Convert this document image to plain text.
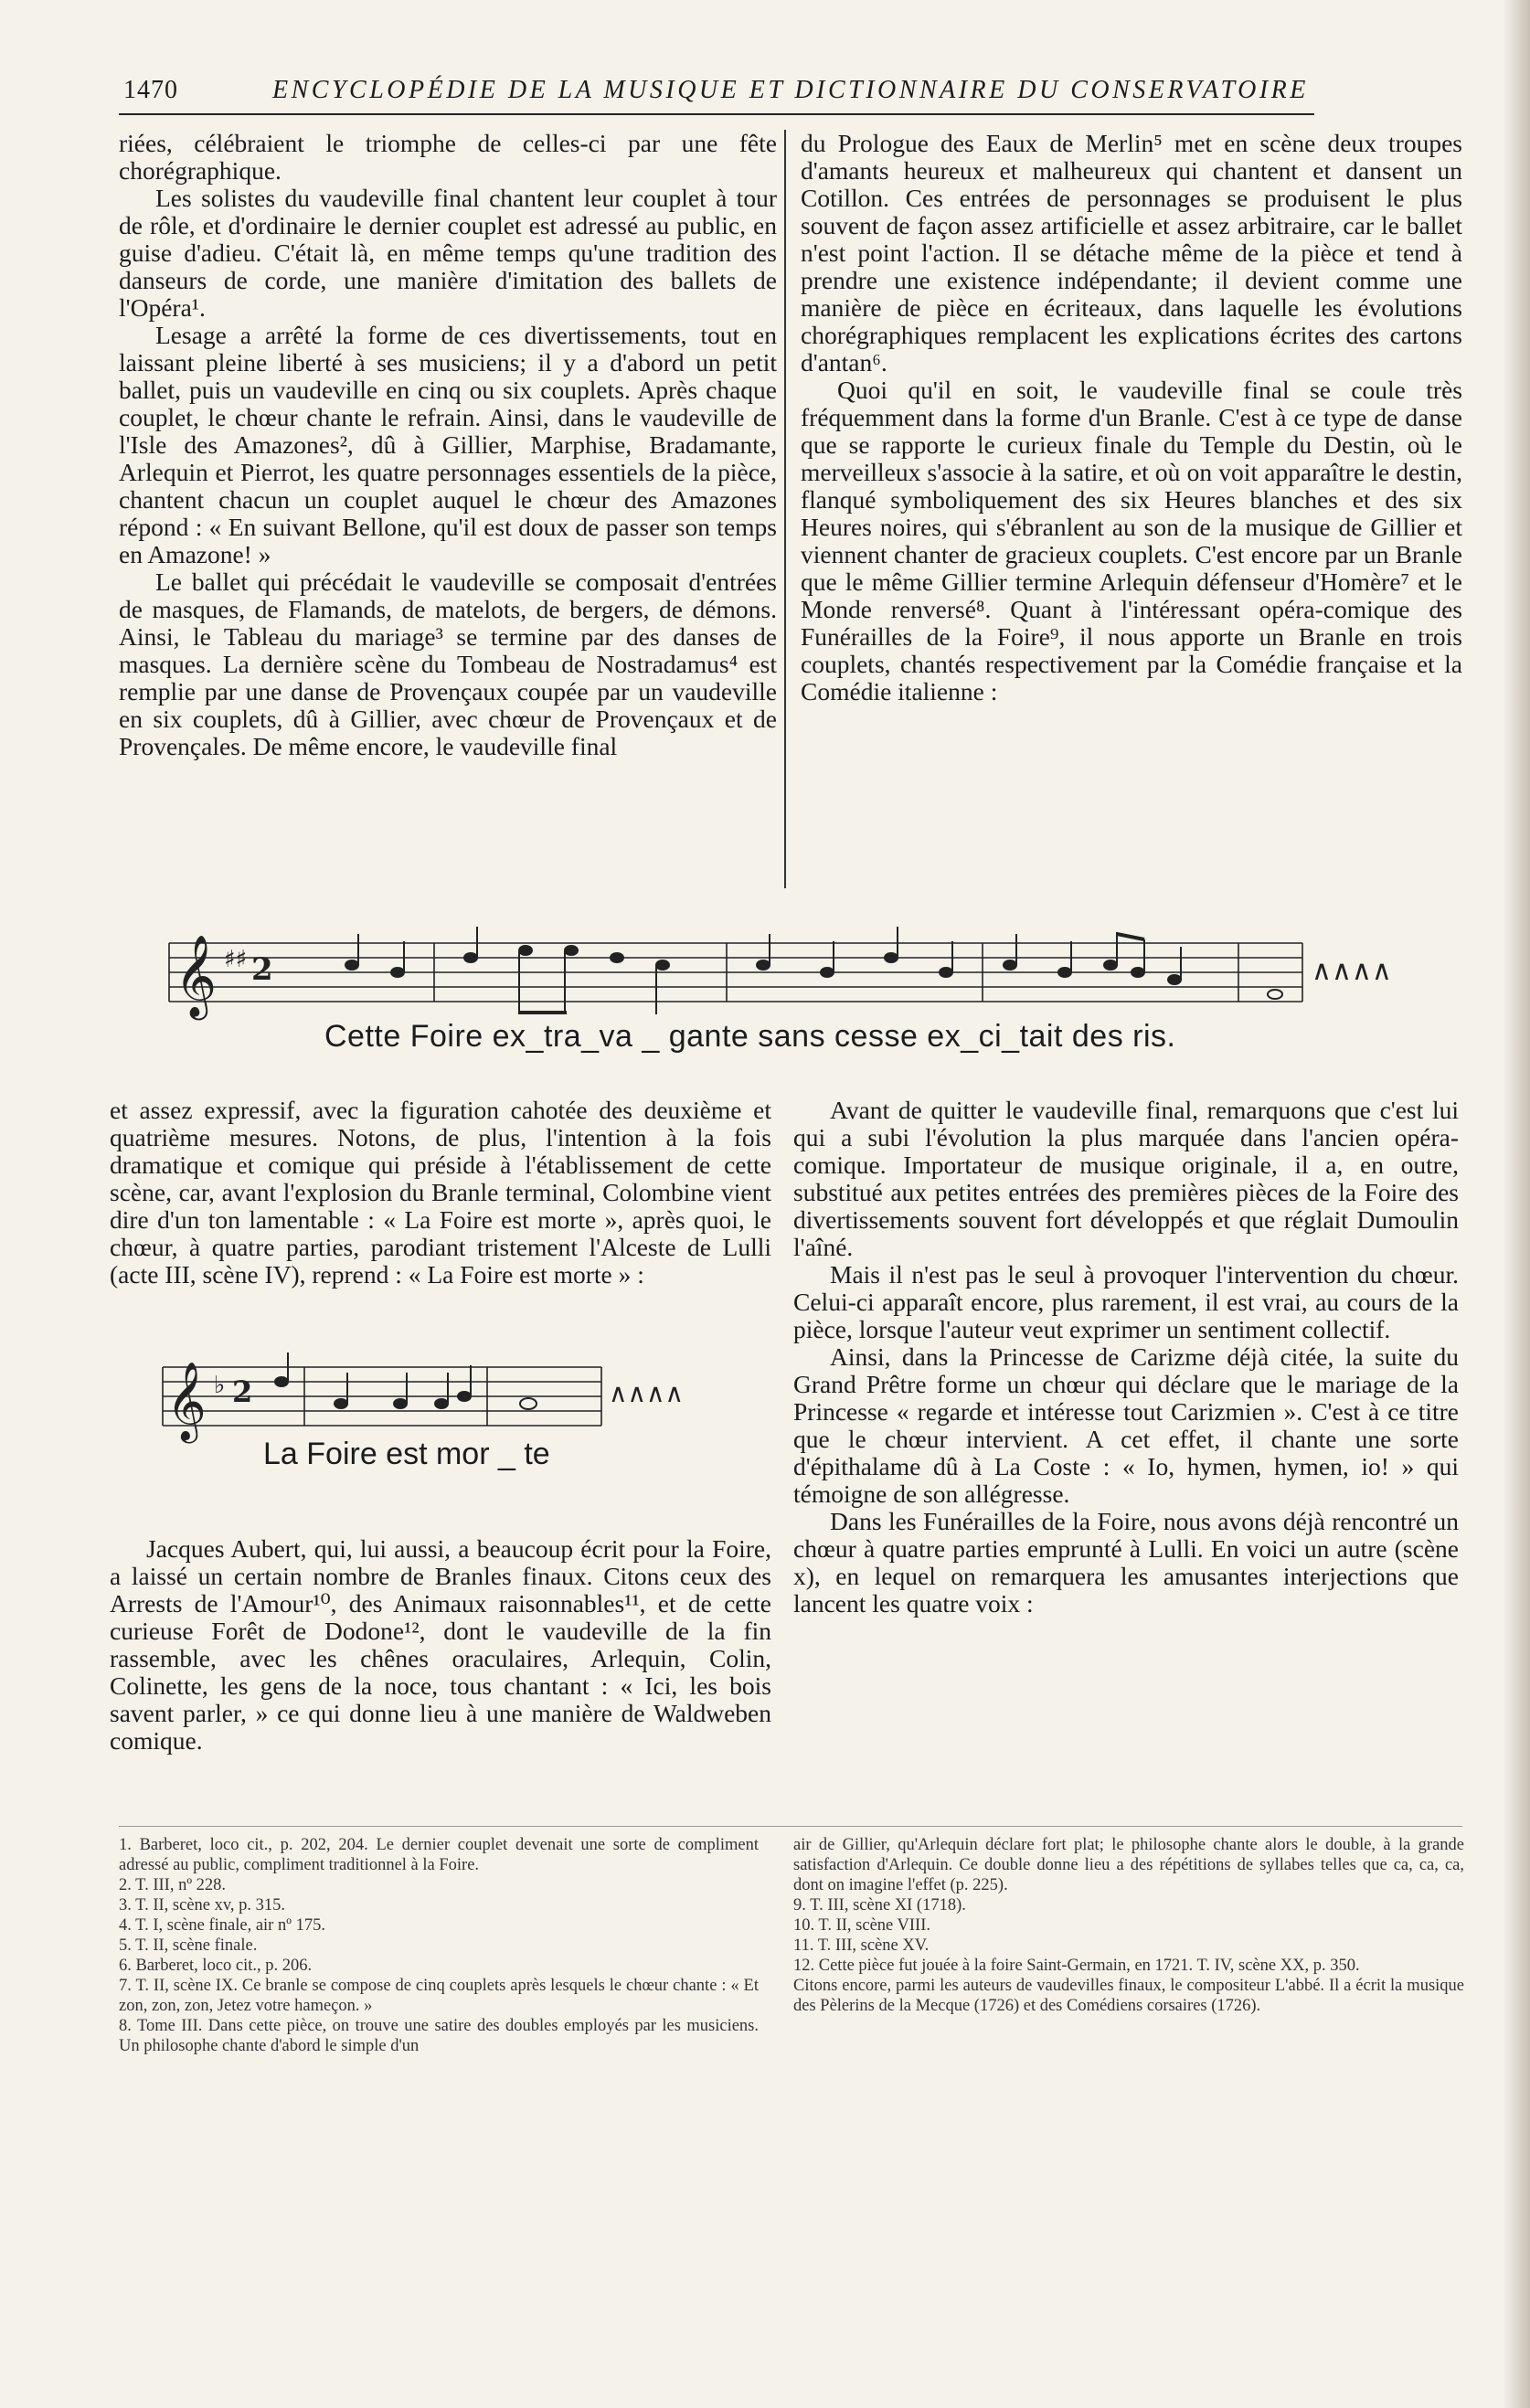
1470	ENCYCLOPÉDIE DE LA MUSIQUE ET DICTIONNAIRE DU CONSERVATOIRE

riées, célébraient le triomphe de celles-ci par une fête chorégraphique.

Les solistes du vaudeville final chantent leur couplet à tour de rôle, et d'ordinaire le dernier couplet est adressé au public, en guise d'adieu. C'était là, en même temps qu'une tradition des danseurs de corde, une manière d'imitation des ballets de l'Opéra¹.

Lesage a arrêté la forme de ces divertissements, tout en laissant pleine liberté à ses musiciens; il y a d'abord un petit ballet, puis un vaudeville en cinq ou six couplets. Après chaque couplet, le chœur chante le refrain. Ainsi, dans le vaudeville de l'Isle des Amazones², dû à Gillier, Marphise, Bradamante, Arlequin et Pierrot, les quatre personnages essentiels de la pièce, chantent chacun un couplet auquel le chœur des Amazones répond : « En suivant Bellone, qu'il est doux de passer son temps en Amazone! »

Le ballet qui précédait le vaudeville se composait d'entrées de masques, de Flamands, de matelots, de bergers, de démons. Ainsi, le Tableau du mariage³ se termine par des danses de masques. La dernière scène du Tombeau de Nostradamus⁴ est remplie par une danse de Provençaux coupée par un vaudeville en six couplets, dû à Gillier, avec chœur de Provençaux et de Provençales. De même encore, le vaudeville final

du Prologue des Eaux de Merlin⁵ met en scène deux troupes d'amants heureux et malheureux qui chantent et dansent un Cotillon. Ces entrées de personnages se produisent le plus souvent de façon assez artificielle et assez arbitraire, car le ballet n'est point l'action. Il se détache même de la pièce et tend à prendre une existence indépendante; il devient comme une manière de pièce en écriteaux, dans laquelle les évolutions chorégraphiques remplacent les explications écrites des cartons d'antan⁶.

Quoi qu'il en soit, le vaudeville final se coule très fréquemment dans la forme d'un Branle. C'est à ce type de danse que se rapporte le curieux finale du Temple du Destin, où le merveilleux s'associe à la satire, et où on voit apparaître le destin, flanqué symboliquement des six Heures blanches et des six Heures noires, qui s'ébranlent au son de la musique de Gillier et viennent chanter de gracieux couplets. C'est encore par un Branle que le même Gillier termine Arlequin défenseur d'Homère⁷ et le Monde renversé⁸. Quant à l'intéressant opéra-comique des Funérailles de la Foire⁹, il nous apporte un Branle en trois couplets, chantés respectivement par la Comédie française et la Comédie italienne :

𝄞 ♯♯ 2	∧∧∧∧
Cette Foire ex_tra_va _ gante sans cesse ex_ci_tait des ris.

et assez expressif, avec la figuration cahotée des deuxième et quatrième mesures. Notons, de plus, l'intention à la fois dramatique et comique qui préside à l'établissement de cette scène, car, avant l'explosion du Branle terminal, Colombine vient dire d'un ton lamentable : « La Foire est morte », après quoi, le chœur, à quatre parties, parodiant tristement l'Alceste de Lulli (acte III, scène IV), reprend : « La Foire est morte » :

𝄞 ♭ 2	∧∧∧∧
La Foire est mor _ te

Jacques Aubert, qui, lui aussi, a beaucoup écrit pour la Foire, a laissé un certain nombre de Branles finaux. Citons ceux des Arrests de l'Amour¹⁰, des Animaux raisonnables¹¹, et de cette curieuse Forêt de Dodone¹², dont le vaudeville de la fin rassemble, avec les chênes oraculaires, Arlequin, Colin, Colinette, les gens de la noce, tous chantant : « Ici, les bois savent parler, » ce qui donne lieu à une manière de Waldweben comique.

Avant de quitter le vaudeville final, remarquons que c'est lui qui a subi l'évolution la plus marquée dans l'ancien opéra-comique. Importateur de musique originale, il a, en outre, substitué aux petites entrées des premières pièces de la Foire des divertissements souvent fort développés et que réglait Dumoulin l'aîné.

Mais il n'est pas le seul à provoquer l'intervention du chœur. Celui-ci apparaît encore, plus rarement, il est vrai, au cours de la pièce, lorsque l'auteur veut exprimer un sentiment collectif.

Ainsi, dans la Princesse de Carizme déjà citée, la suite du Grand Prêtre forme un chœur qui déclare que le mariage de la Princesse « regarde et intéresse tout Carizmien ». C'est à ce titre que le chœur intervient. A cet effet, il chante une sorte d'épithalame dû à La Coste : « Io, hymen, hymen, io! » qui témoigne de son allégresse.

Dans les Funérailles de la Foire, nous avons déjà rencontré un chœur à quatre parties emprunté à Lulli. En voici un autre (scène x), en lequel on remarquera les amusantes interjections que lancent les quatre voix :

1. Barberet, loco cit., p. 202, 204. Le dernier couplet devenait une sorte de compliment adressé au public, compliment traditionnel à la Foire.

2. T. III, nº 228.

3. T. II, scène xv, p. 315.

4. T. I, scène finale, air nº 175.

5. T. II, scène finale.

6. Barberet, loco cit., p. 206.

7. T. II, scène IX. Ce branle se compose de cinq couplets après lesquels le chœur chante : « Et zon, zon, zon, Jetez votre hameçon. »

8. Tome III. Dans cette pièce, on trouve une satire des doubles employés par les musiciens. Un philosophe chante d'abord le simple d'un

air de Gillier, qu'Arlequin déclare fort plat; le philosophe chante alors le double, à la grande satisfaction d'Arlequin. Ce double donne lieu a des répétitions de syllabes telles que ca, ca, ca, dont on imagine l'effet (p. 225).

9. T. III, scène XI (1718).

10. T. II, scène VIII.

11. T. III, scène XV.

12. Cette pièce fut jouée à la foire Saint-Germain, en 1721. T. IV, scène XX, p. 350.

Citons encore, parmi les auteurs de vaudevilles finaux, le compositeur L'abbé. Il a écrit la musique des Pèlerins de la Mecque (1726) et des Comédiens corsaires (1726).
